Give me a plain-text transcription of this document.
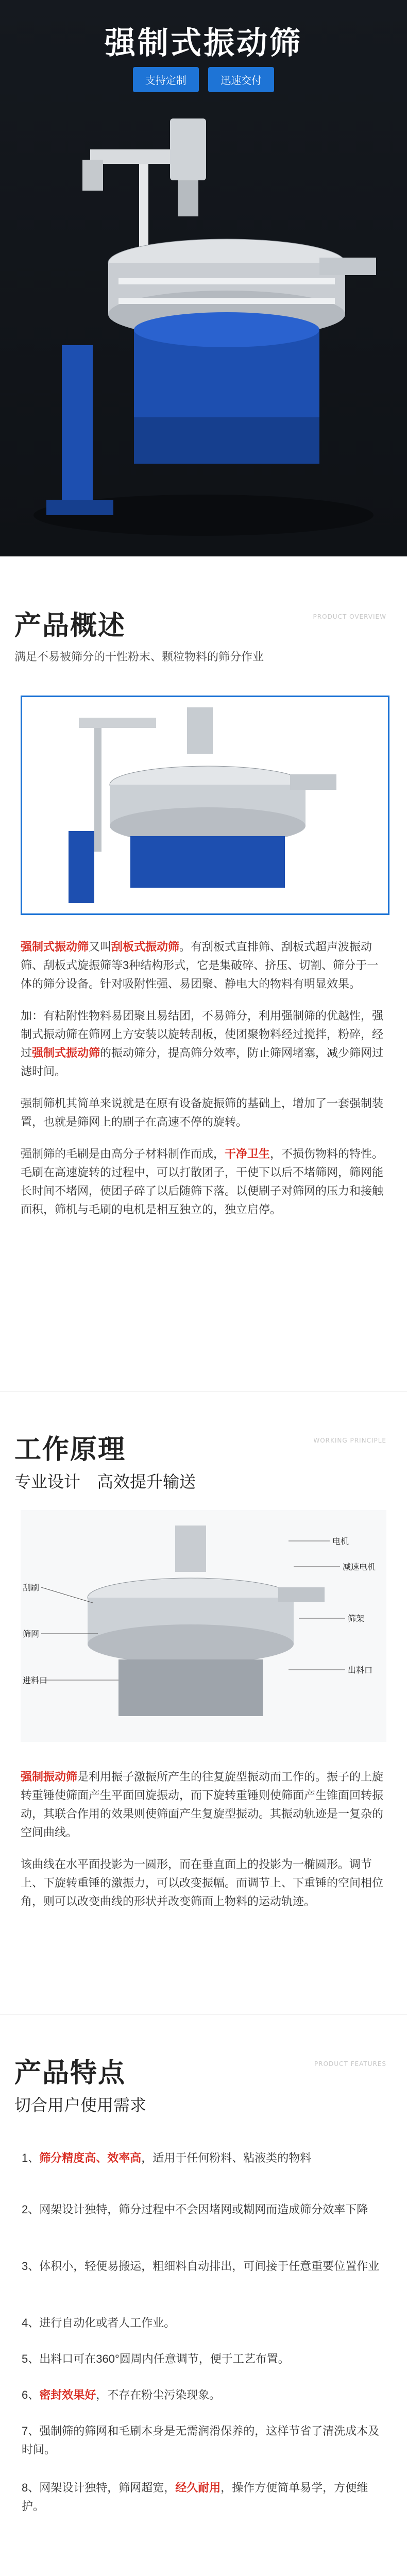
强制式振动筛
支持定制	迅速交付
产品概述	PRODUCT OVERVIEW
满足不易被筛分的干性粉末、颗粒物料的筛分作业

强制式振动筛又叫刮板式振动筛。有刮板式直排筛、刮板式超声波振动筛、刮板式旋振筛等3种结构形式，它是集破碎、挤压、切割、筛分于一体的筛分设备。针对吸附性强、易团聚、静电大的物料有明显效果。

加：有粘附性物料易团聚且易结团，不易筛分，利用强制筛的优越性，强制式振动筛在筛网上方安装以旋转刮板，使团聚物料经过搅拌，粉碎，经过强制式振动筛的振动筛分，提高筛分效率，防止筛网堵塞，减少筛网过滤时间。

强制筛机其简单来说就是在原有设备旋振筛的基础上，增加了一套强制装置，也就是筛网上的刷子在高速不停的旋转。

强制筛的毛刷是由高分子材料制作而成，干净卫生，不损伤物料的特性。毛刷在高速旋转的过程中，可以打散团子，干使下以后不堵筛网，筛网能长时间不堵网，使团子碎了以后随筛下落。以便刷子对筛网的压力和接触面积，筛机与毛刷的电机是相互独立的，独立启停。

工作原理	WORKING PRINCIPLE
专业设计　高效提升输送
电机
减速电机
筛架
出料口
刮刷
筛网
进料口

强制振动筛是利用振子激振所产生的往复旋型振动而工作的。振子的上旋转重锤使筛面产生平面回旋振动，而下旋转重锤则使筛面产生锥面回转振动，其联合作用的效果则使筛面产生复旋型振动。其振动轨迹是一复杂的空间曲线。

该曲线在水平面投影为一圆形，而在垂直面上的投影为一椭圆形。调节上、下旋转重锤的激振力，可以改变振幅。而调节上、下重锤的空间相位角，则可以改变曲线的形状并改变筛面上物料的运动轨迹。

产品特点	PRODUCT FEATURES
切合用户使用需求
1、筛分精度高、效率高，适用于任何粉料、粘液类的物料
2、网架设计独特，筛分过程中不会因堵网或糊网而造成筛分效率下降
3、体积小，轻便易搬运，粗细料自动排出，可间接于任意重要位置作业
4、进行自动化或者人工作业。
5、出料口可在360°圆周内任意调节，便于工艺布置。
6、密封效果好，不存在粉尘污染现象。
7、强制筛的筛网和毛刷本身是无需润滑保养的，这样节省了清洗成本及时间。
8、网架设计独特，筛网超宽，经久耐用，操作方便简单易学，方便维护。
